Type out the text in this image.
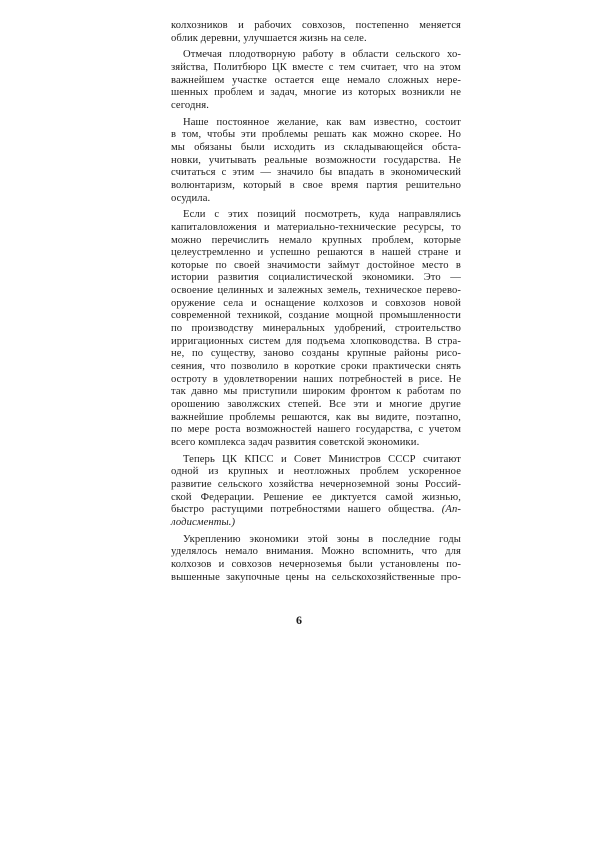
колхозников и рабочих совхозов, постепенно меняется
облик деревни, улучшается жизнь на селе.
Отмечая плодотворную работу в области сельского хо-
зяйства, Политбюро ЦК вместе с тем считает, что на этом
важнейшем участке остается еще немало сложных нере-
шенных проблем и задач, многие из которых возникли не
сегодня.
Наше постоянное желание, как вам известно, состоит
в том, чтобы эти проблемы решать как можно скорее. Но
мы обязаны были исходить из складывающейся обста-
новки, учитывать реальные возможности государства. Не
считаться с этим — значило бы впадать в экономический
волюнтаризм, который в свое время партия решительно
осудила.
Если с этих позиций посмотреть, куда направлялись
капиталовложения и материально-технические ресурсы, то
можно перечислить немало крупных проблем, которые
целеустремленно и успешно решаются в нашей стране и
которые по своей значимости займут достойное место в
истории развития социалистической экономики. Это —
освоение целинных и залежных земель, техническое перево-
оружение села и оснащение колхозов и совхозов новой
современной техникой, создание мощной промышленности
по производству минеральных удобрений, строительство
ирригационных систем для подъема хлопководства. В стра-
не, по существу, заново созданы крупные районы рисо-
сеяния, что позволило в короткие сроки практически снять
остроту в удовлетворении наших потребностей в рисе. Не
так давно мы приступили широким фронтом к работам по
орошению заволжских степей. Все эти и многие другие
важнейшие проблемы решаются, как вы видите, поэтапно,
по мере роста возможностей нашего государства, с учетом
всего комплекса задач развития советской экономики.
Теперь ЦК КПСС и Совет Министров СССР считают
одной из крупных и неотложных проблем ускоренное
развитие сельского хозяйства нечерноземной зоны Россий-
ской Федерации. Решение ее диктуется самой жизнью,
быстро растущими потребностями нашего общества. (Ап-
лодисменты.)
Укреплению экономики этой зоны в последние годы
уделялось немало внимания. Можно вспомнить, что для
колхозов и совхозов нечерноземья были установлены по-
вышенные закупочные цены на сельскохозяйственные про-
6
